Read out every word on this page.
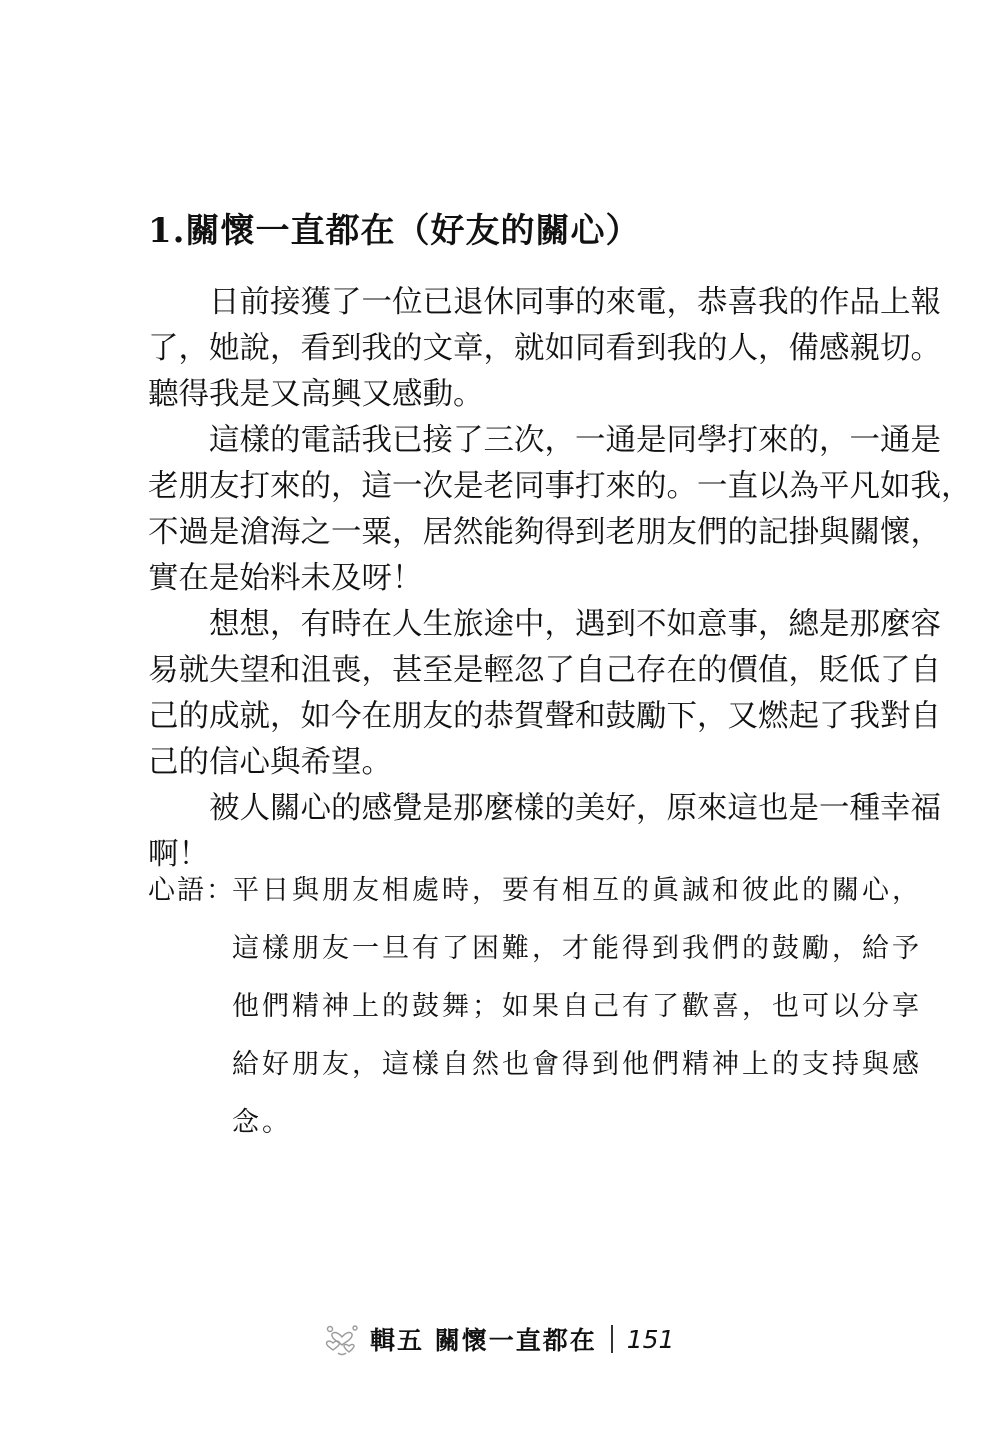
1.關懷一直都在（好友的關心）
日前接獲了一位已退休同事的來電，恭喜我的作品上報
了，她說，看到我的文章，就如同看到我的人，備感親切。
聽得我是又高興又感動。
這樣的電話我已接了三次，一通是同學打來的，一通是
老朋友打來的，這一次是老同事打來的。一直以為平凡如我，
不過是滄海之一粟，居然能夠得到老朋友們的記掛與關懷，
實在是始料未及呀！
想想，有時在人生旅途中，遇到不如意事，總是那麼容
易就失望和沮喪，甚至是輕忽了自己存在的價值，貶低了自
己的成就，如今在朋友的恭賀聲和鼓勵下，又燃起了我對自
己的信心與希望。
被人關心的感覺是那麼樣的美好，原來這也是一種幸福
啊！
心語：平日與朋友相處時，要有相互的眞誠和彼此的關心，
這樣朋友一旦有了困難，才能得到我們的鼓勵，給予
他們精神上的鼓舞；如果自己有了歡喜，也可以分享
給好朋友，這樣自然也會得到他們精神上的支持與感
念。
輯五 關懷一直都在 151
